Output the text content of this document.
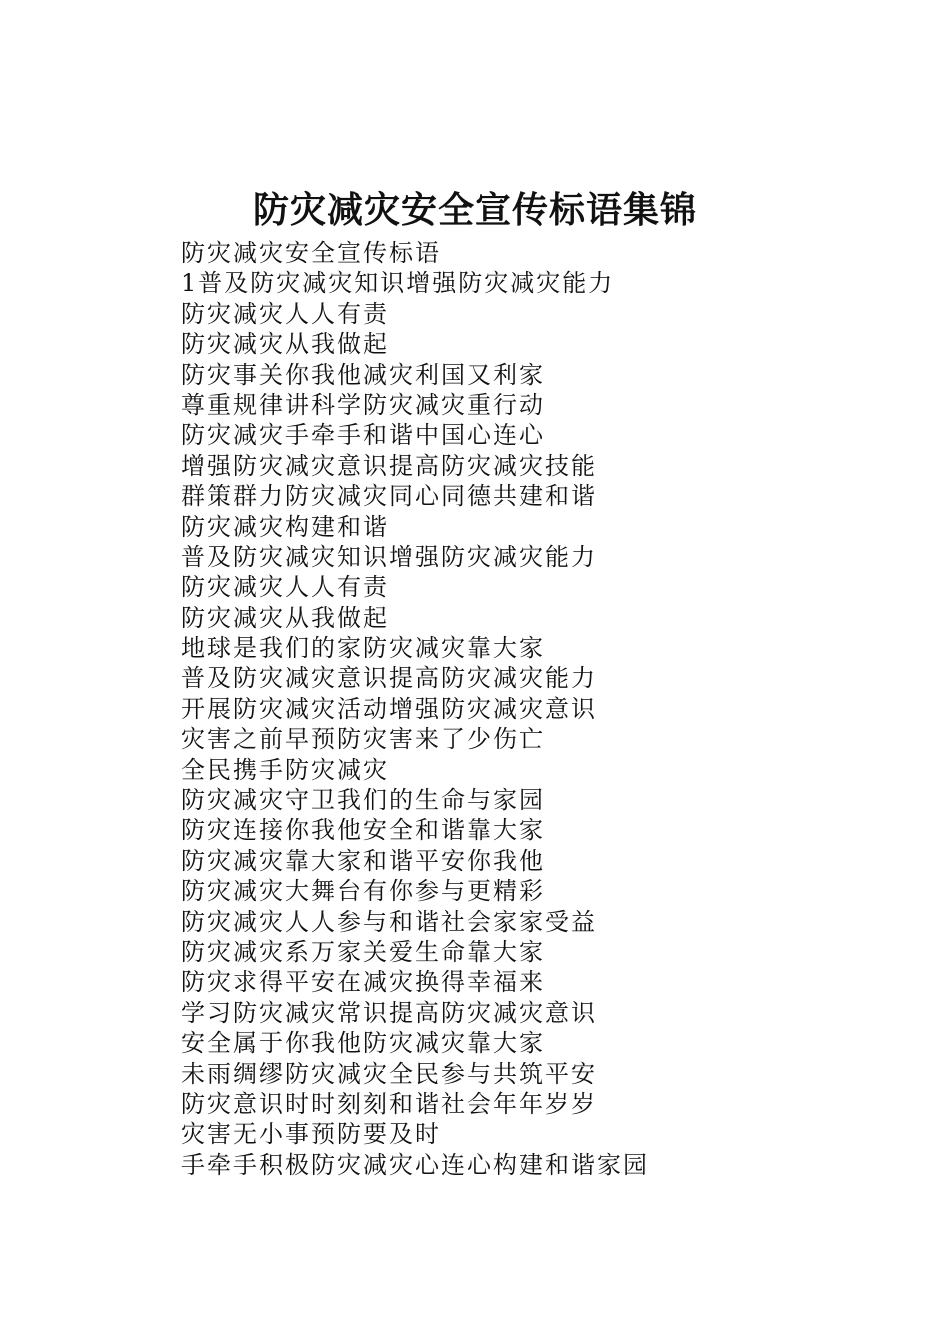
防灾减灾安全宣传标语集锦
防灾减灾安全宣传标语
1普及防灾减灾知识增强防灾减灾能力
防灾减灾人人有责
防灾减灾从我做起
防灾事关你我他减灾利国又利家
尊重规律讲科学防灾减灾重行动
防灾减灾手牵手和谐中国心连心
增强防灾减灾意识提高防灾减灾技能
群策群力防灾减灾同心同德共建和谐
防灾减灾构建和谐
普及防灾减灾知识增强防灾减灾能力
防灾减灾人人有责
防灾减灾从我做起
地球是我们的家防灾减灾靠大家
普及防灾减灾意识提高防灾减灾能力
开展防灾减灾活动增强防灾减灾意识
灾害之前早预防灾害来了少伤亡
全民携手防灾减灾
防灾减灾守卫我们的生命与家园
防灾连接你我他安全和谐靠大家
防灾减灾靠大家和谐平安你我他
防灾减灾大舞台有你参与更精彩
防灾减灾人人参与和谐社会家家受益
防灾减灾系万家关爱生命靠大家
防灾求得平安在减灾换得幸福来
学习防灾减灾常识提高防灾减灾意识
安全属于你我他防灾减灾靠大家
未雨绸缪防灾减灾全民参与共筑平安
防灾意识时时刻刻和谐社会年年岁岁
灾害无小事预防要及时
手牵手积极防灾减灾心连心构建和谐家园
